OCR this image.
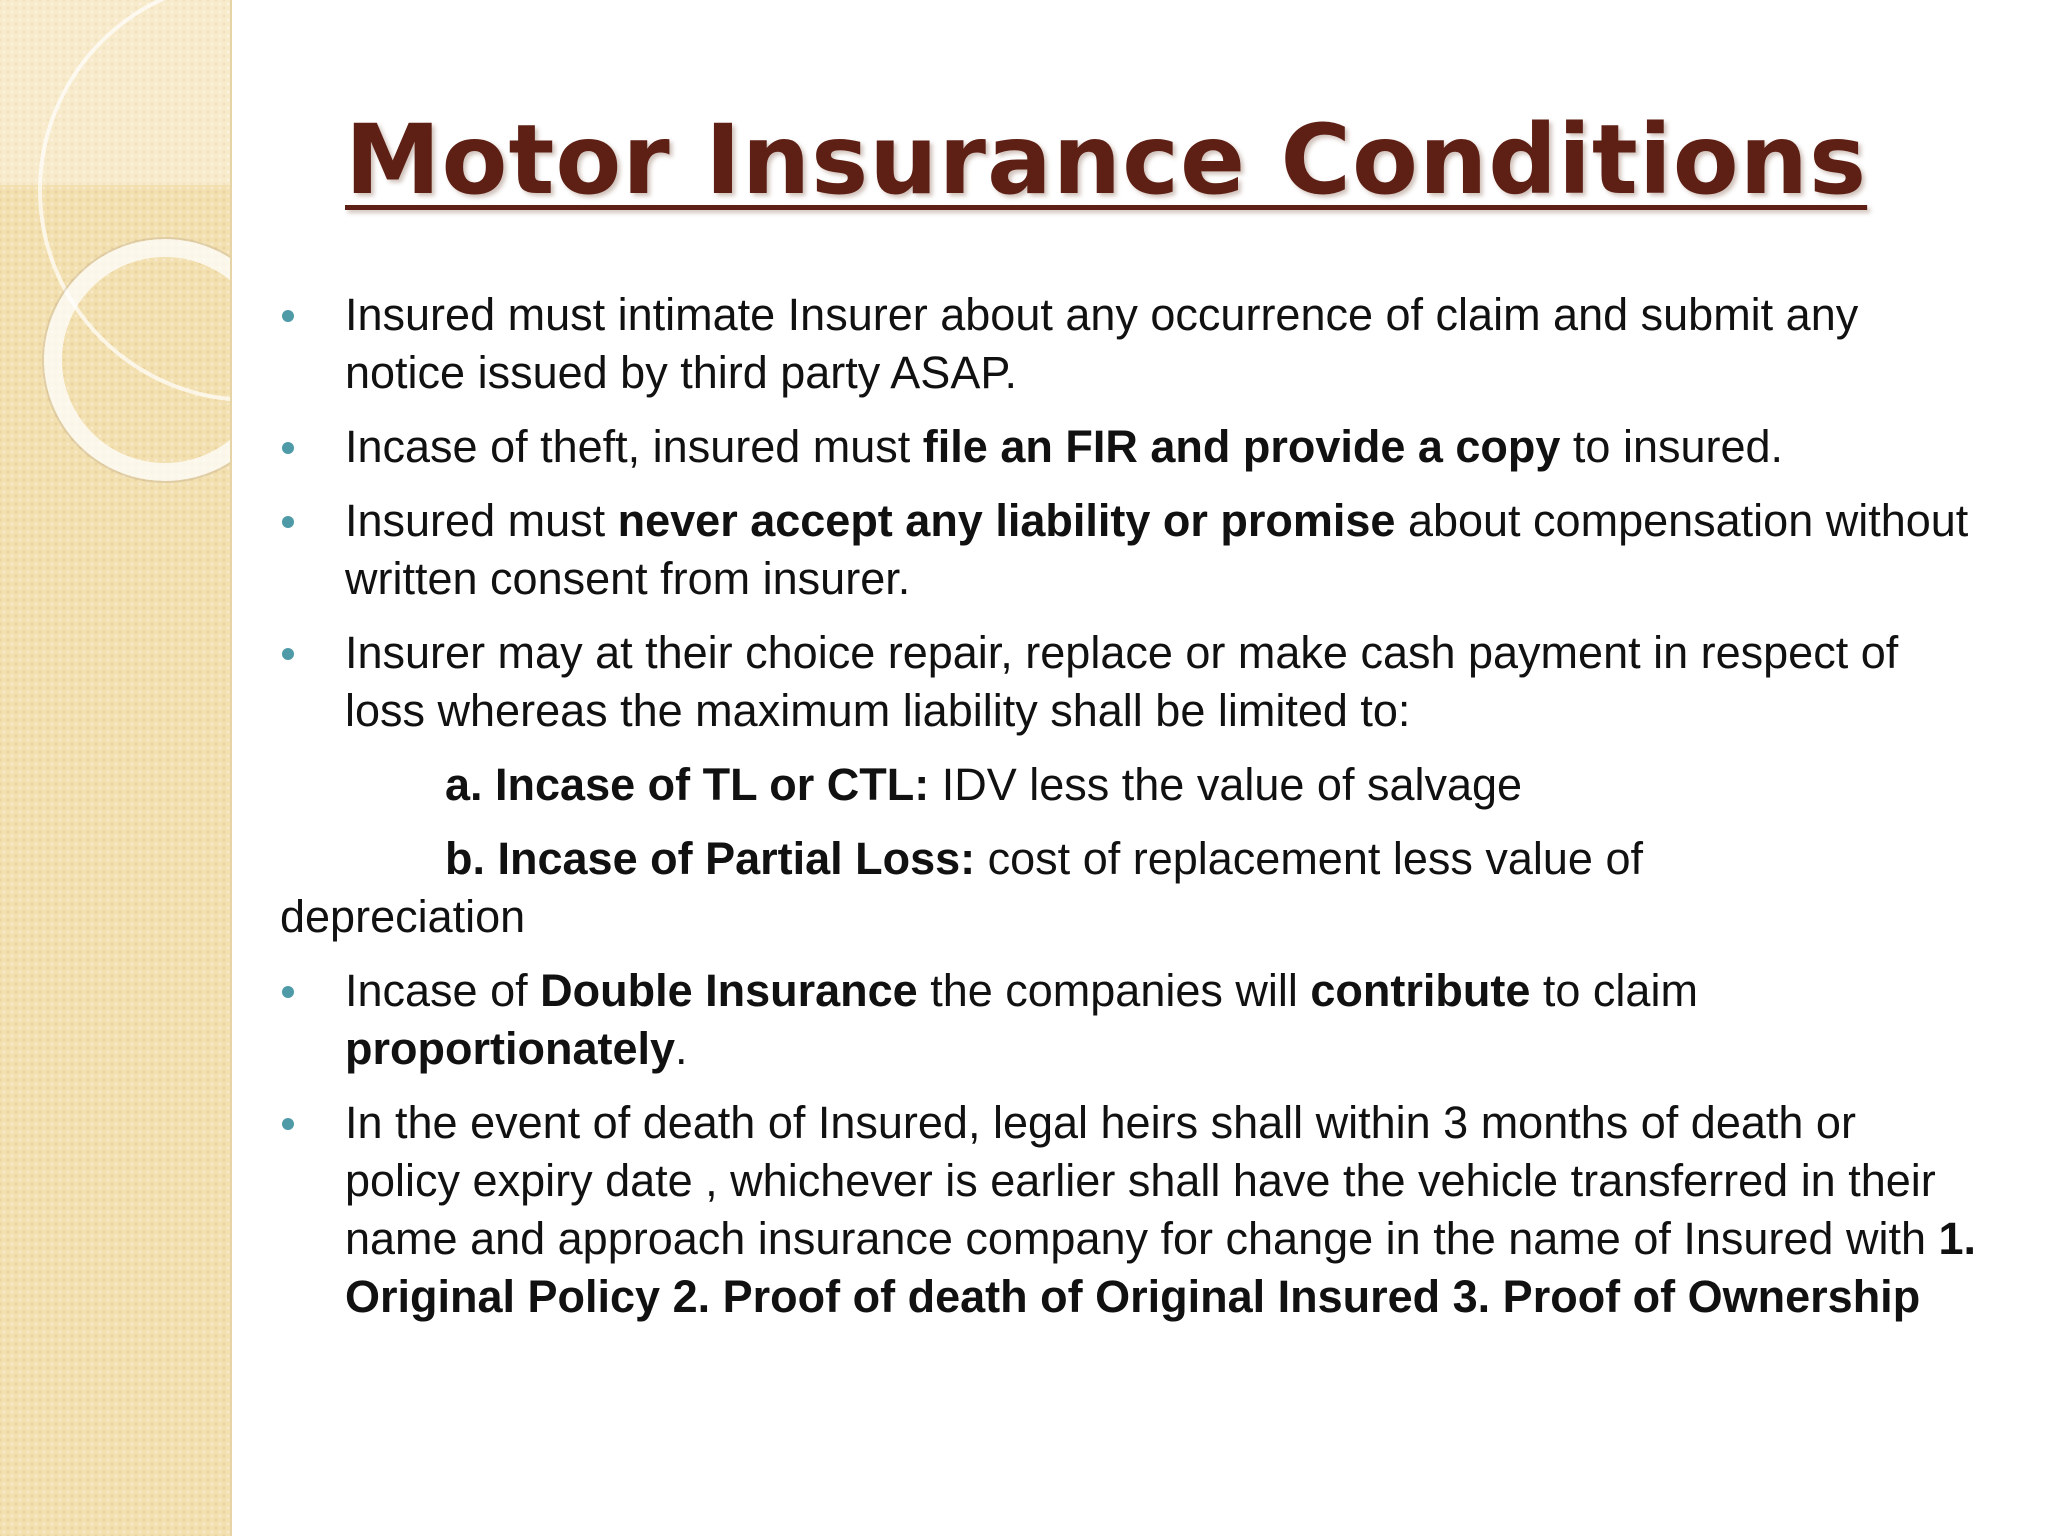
Motor Insurance Conditions
Insured must intimate Insurer about any occurrence of claim and submit any notice issued by third party ASAP.
Incase of theft, insured must file an FIR and provide a copy to insured.
Insured must never accept any liability or promise about compensation without written consent from insurer.
Insurer may at their choice repair, replace or make cash payment in respect of loss whereas the maximum liability shall be limited to:
a. Incase of TL or CTL: IDV less the value of salvage
b. Incase of Partial Loss: cost of replacement less value of
depreciation
Incase of Double Insurance the companies will contribute to claim proportionately.
In the event of death of Insured, legal heirs shall within 3 months of death or policy expiry date , whichever is earlier shall have the vehicle transferred in their name and approach insurance company for change in the name of Insured with 1. Original Policy 2. Proof of death of Original Insured 3. Proof of Ownership
